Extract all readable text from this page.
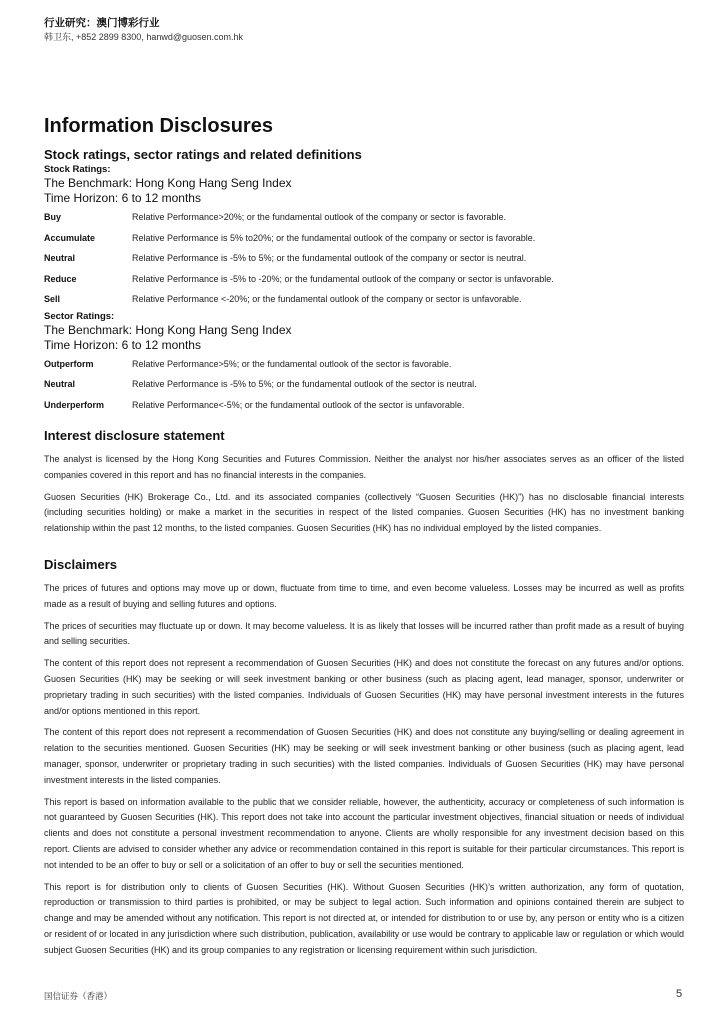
行业研究：澳门博彩行业
韩卫东, +852 2899 8300, hanwd@guosen.com.hk
Information Disclosures
Stock ratings, sector ratings and related definitions
Stock Ratings:
The Benchmark: Hong Kong Hang Seng Index
Time Horizon: 6 to 12 months
Buy	Relative Performance>20%; or the fundamental outlook of the company or sector is favorable.
Accumulate	Relative Performance is 5% to20%; or the fundamental outlook of the company or sector is favorable.
Neutral	Relative Performance is -5% to 5%; or the fundamental outlook of the company or sector is neutral.
Reduce	Relative Performance is -5% to -20%; or the fundamental outlook of the company or sector is unfavorable.
Sell	Relative Performance <-20%; or the fundamental outlook of the company or sector is unfavorable.
Sector Ratings:
The Benchmark: Hong Kong Hang Seng Index
Time Horizon: 6 to 12 months
Outperform	Relative Performance>5%; or the fundamental outlook of the sector is favorable.
Neutral	Relative Performance is -5% to 5%; or the fundamental outlook of the sector is neutral.
Underperform	Relative Performance<-5%; or the fundamental outlook of the sector is unfavorable.
Interest disclosure statement

The analyst is licensed by the Hong Kong Securities and Futures Commission. Neither the analyst nor his/her associates serves as an officer of the listed companies covered in this report and has no financial interests in the companies.

Guosen Securities (HK) Brokerage Co., Ltd. and its associated companies (collectively “Guosen Securities (HK)”) has no disclosable financial interests (including securities holding) or make a market in the securities in respect of the listed companies. Guosen Securities (HK) has no investment banking relationship within the past 12 months, to the listed companies. Guosen Securities (HK) has no individual employed by the listed companies.

Disclaimers

The prices of futures and options may move up or down, fluctuate from time to time, and even become valueless. Losses may be incurred as well as profits made as a result of buying and selling futures and options.

The prices of securities may fluctuate up or down. It may become valueless. It is as likely that losses will be incurred rather than profit made as a result of buying and selling securities.

The content of this report does not represent a recommendation of Guosen Securities (HK) and does not constitute the forecast on any futures and/or options. Guosen Securities (HK) may be seeking or will seek investment banking or other business (such as placing agent, lead manager, sponsor, underwriter or proprietary trading in such securities) with the listed companies. Individuals of Guosen Securities (HK) may have personal investment interests in the futures and/or options mentioned in this report.

The content of this report does not represent a recommendation of Guosen Securities (HK) and does not constitute any buying/selling or dealing agreement in relation to the securities mentioned. Guosen Securities (HK) may be seeking or will seek investment banking or other business (such as placing agent, lead manager, sponsor, underwriter or proprietary trading in such securities) with the listed companies. Individuals of Guosen Securities (HK) may have personal investment interests in the listed companies.

This report is based on information available to the public that we consider reliable, however, the authenticity, accuracy or completeness of such information is not guaranteed by Guosen Securities (HK). This report does not take into account the particular investment objectives, financial situation or needs of individual clients and does not constitute a personal investment recommendation to anyone. Clients are wholly responsible for any investment decision based on this report. Clients are advised to consider whether any advice or recommendation contained in this report is suitable for their particular circumstances. This report is not intended to be an offer to buy or sell or a solicitation of an offer to buy or sell the securities mentioned.

This report is for distribution only to clients of Guosen Securities (HK). Without Guosen Securities (HK)’s written authorization, any form of quotation, reproduction or transmission to third parties is prohibited, or may be subject to legal action. Such information and opinions contained therein are subject to change and may be amended without any notification. This report is not directed at, or intended for distribution to or use by, any person or entity who is a citizen or resident of or located in any jurisdiction where such distribution, publication, availability or use would be contrary to applicable law or regulation or which would subject Guosen Securities (HK) and its group companies to any registration or licensing requirement within such jurisdiction.

国信证券（香港）	5
